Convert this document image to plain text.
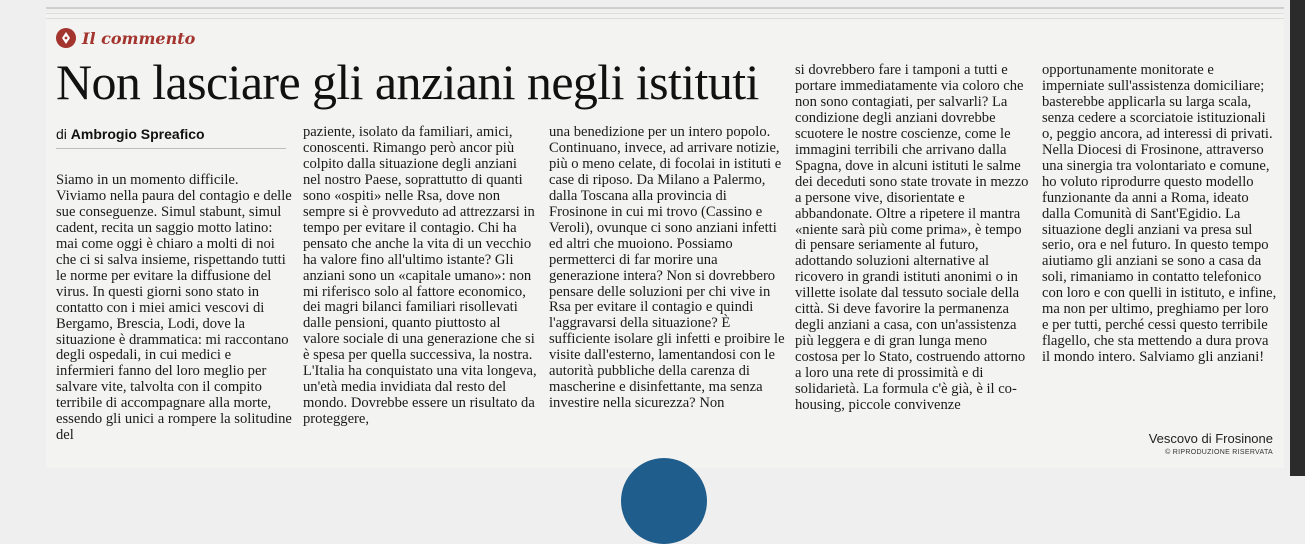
Il commento
Non lasciare gli anziani negli istituti
di Ambrogio Spreafico
Siamo in un momento difficile. Viviamo nella paura del contagio e delle sue conseguenze. Simul stabunt, simul cadent, recita un saggio motto latino: mai come oggi è chiaro a molti di noi che ci si salva insieme, rispettando tutti le norme per evitare la diffusione del virus. In questi giorni sono stato in contatto con i miei amici vescovi di Bergamo, Brescia, Lodi, dove la situazione è drammatica: mi raccontano degli ospedali, in cui medici e infermieri fanno del loro meglio per salvare vite, talvolta con il compito terribile di accompagnare alla morte, essendo gli unici a rompere la solitudine del
paziente, isolato da familiari, amici, conoscenti. Rimango però ancor più colpito dalla situazione degli anziani nel nostro Paese, soprattutto di quanti sono «ospiti» nelle Rsa, dove non sempre si è provveduto ad attrezzarsi in tempo per evitare il contagio. Chi ha pensato che anche la vita di un vecchio ha valore fino all'ultimo istante? Gli anziani sono un «capitale umano»: non mi riferisco solo al fattore economico, dei magri bilanci familiari risollevati dalle pensioni, quanto piuttosto al valore sociale di una generazione che si è spesa per quella successiva, la nostra. L'Italia ha conquistato una vita longeva, un'età media invidiata dal resto del mondo. Dovrebbe essere un risultato da proteggere,
una benedizione per un intero popolo.
Continuano, invece, ad arrivare notizie, più o meno celate, di focolai in istituti e case di riposo. Da Milano a Palermo, dalla Toscana alla provincia di Frosinone in cui mi trovo (Cassino e Veroli), ovunque ci sono anziani infetti ed altri che muoiono. Possiamo permetterci di far morire una generazione intera? Non si dovrebbero pensare delle soluzioni per chi vive in Rsa per evitare il contagio e quindi l'aggravarsi della situazione? È sufficiente isolare gli infetti e proibire le visite dall'esterno, lamentandosi con le autorità pubbliche della carenza di mascherine e disinfettante, ma senza investire nella sicurezza? Non
si dovrebbero fare i tamponi a tutti e portare immediatamente via coloro che non sono contagiati, per salvarli? La condizione degli anziani dovrebbe scuotere le nostre coscienze, come le immagini terribili che arrivano dalla Spagna, dove in alcuni istituti le salme dei deceduti sono state trovate in mezzo a persone vive, disorientate e abbandonate. Oltre a ripetere il mantra «niente sarà più come prima», è tempo di pensare seriamente al futuro, adottando soluzioni alternative al ricovero in grandi istituti anonimi o in villette isolate dal tessuto sociale della città. Si deve favorire la permanenza degli anziani a casa, con un'assistenza più leggera e di gran lunga meno costosa per lo Stato, costruendo attorno a loro una rete di prossimità e di solidarietà. La formula c'è già, è il co-housing, piccole convivenze
opportunamente monitorate e imperniate sull'assistenza domiciliare; basterebbe applicarla su larga scala, senza cedere a scorciatoie istituzionali o, peggio ancora, ad interessi di privati. Nella Diocesi di Frosinone, attraverso una sinergia tra volontariato e comune, ho voluto riprodurre questo modello funzionante da anni a Roma, ideato dalla Comunità di Sant'Egidio. La situazione degli anziani va presa sul serio, ora e nel futuro. In questo tempo aiutiamo gli anziani se sono a casa da soli, rimaniamo in contatto telefonico con loro e con quelli in istituto, e infine, ma non per ultimo, preghiamo per loro e per tutti, perché cessi questo terribile flagello, che sta mettendo a dura prova il mondo intero. Salviamo gli anziani!
Vescovo di Frosinone
© RIPRODUZIONE RISERVATA
